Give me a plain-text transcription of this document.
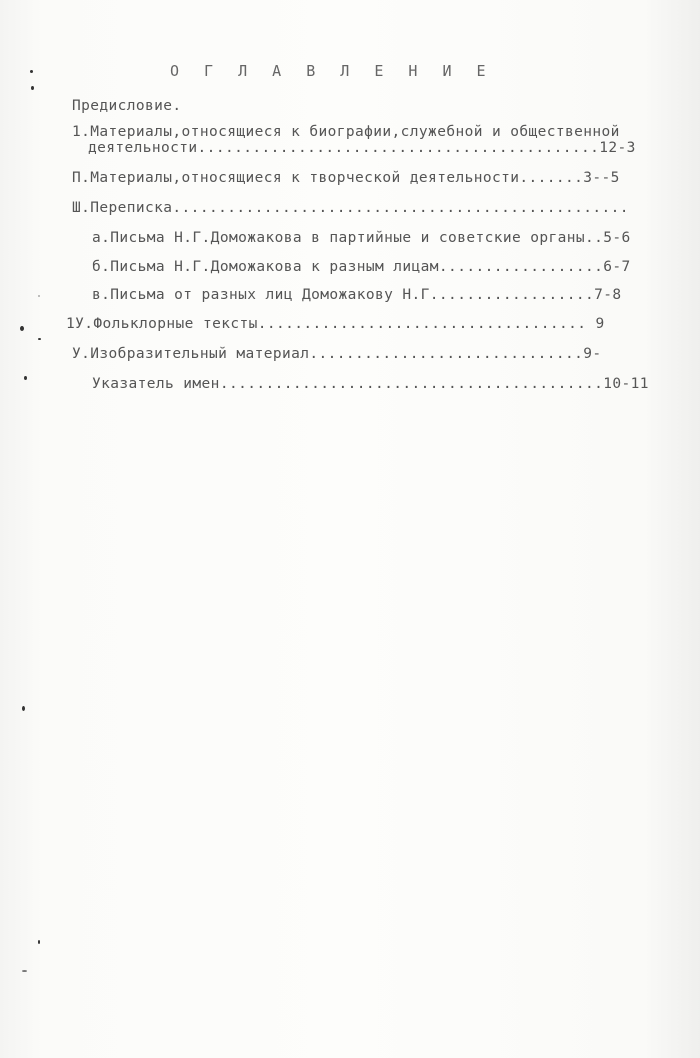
О Г Л А В Л Е Н И Е
Предисловие.
1.Материалы,относящиеся к биографии,служебной и общественной
деятельности............................................12-3
П.Материалы,относящиеся к творческой деятельности.......3--5
Ш.Переписка..................................................
а.Письма Н.Г.Доможакова в партийные и советские органы..5-6
б.Письма Н.Г.Доможакова к разным лицам..................6-7
в.Письма от разных лиц Доможакову Н.Г..................7-8
1У.Фольклорные тексты.................................... 9
У.Изобразительный материал..............................9-
Указатель имен..........................................10-11
